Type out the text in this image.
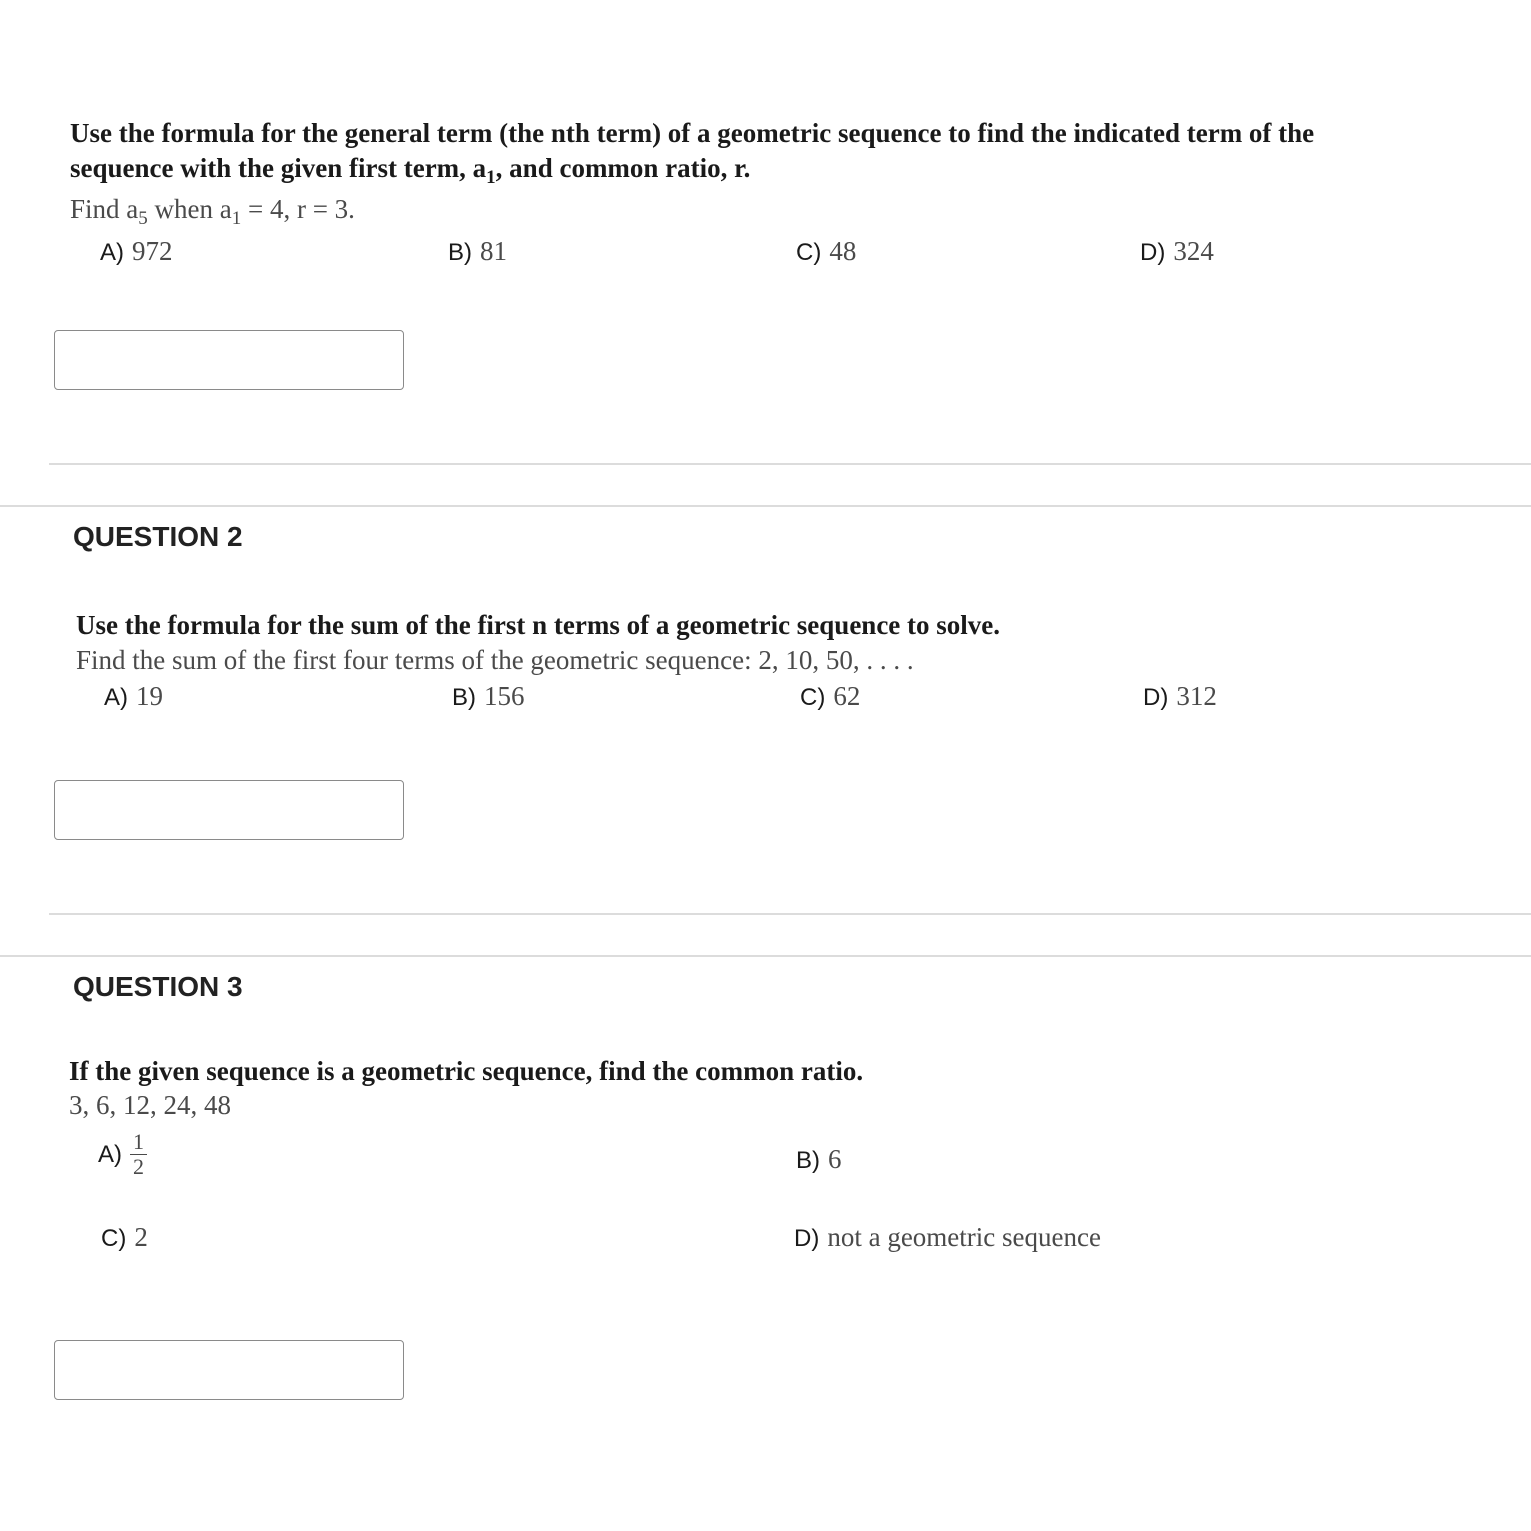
Use the formula for the general term (the nth term) of a geometric sequence to find the indicated term of the
sequence with the given first term, $a_1$, and common ratio, r.
Find $a_5$ when $a_1 = 4$, r = 3.
A) 972	B) 81	C) 48	D) 324
QUESTION 2
Use the formula for the sum of the first n terms of a geometric sequence to solve.
Find the sum of the first four terms of the geometric sequence: 2, 10, 50, . . . .
A) 19	B) 156	C) 62	D) 312
QUESTION 3
If the given sequence is a geometric sequence, find the common ratio.
3, 6, 12, 24, 48
$A) \frac{1}{2}$	B) 6
C) 2	D) not a geometric sequence
